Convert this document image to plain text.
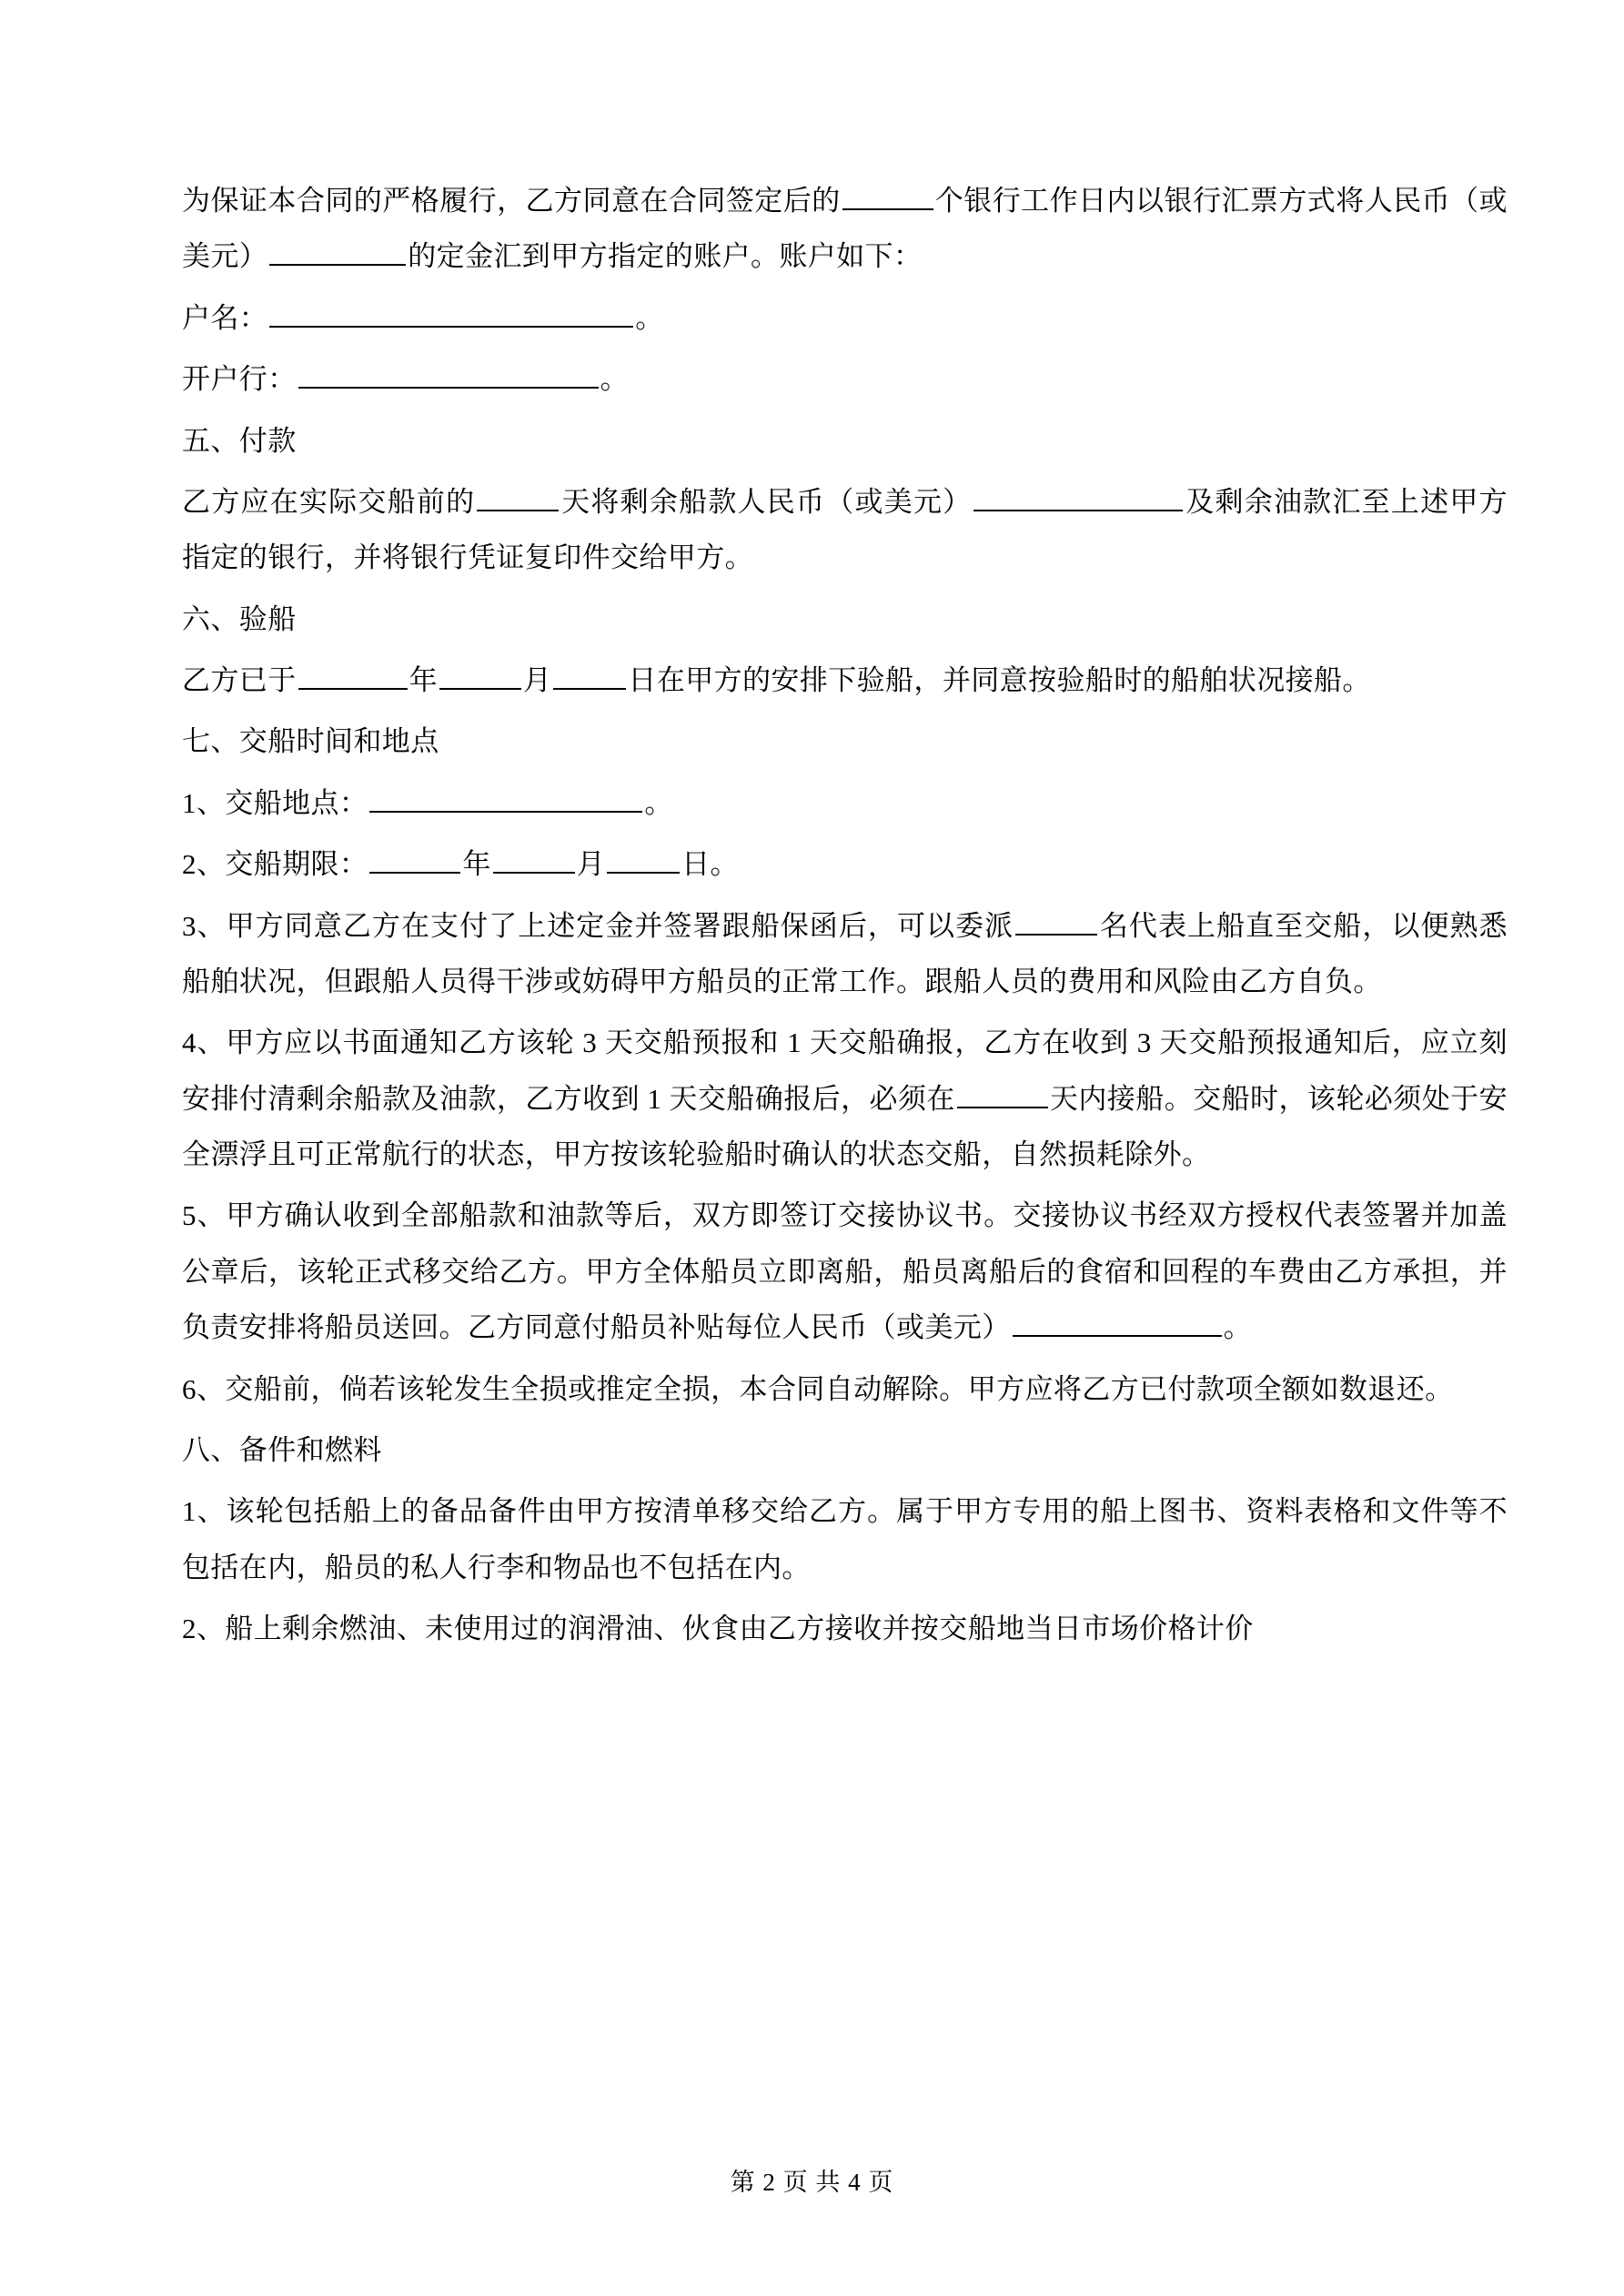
为保证本合同的严格履行，乙方同意在合同签定后的	个银行工作日内以银行汇票方式将人民币（或美元）	的定金汇到甲方指定的账户。账户如下：
户名：	。
开户行：	。
五、付款
乙方应在实际交船前的	天将剩余船款人民币（或美元）	及剩余油款汇至上述甲方指定的银行，并将银行凭证复印件交给甲方。
六、验船
乙方已于	年	月	日在甲方的安排下验船，并同意按验船时的船舶状况接船。
七、交船时间和地点
1、交船地点：	。
2、交船期限：	年	月	日。
3、甲方同意乙方在支付了上述定金并签署跟船保函后，可以委派	名代表上船直至交船，以便熟悉船舶状况，但跟船人员得干涉或妨碍甲方船员的正常工作。跟船人员的费用和风险由乙方自负。
4、甲方应以书面通知乙方该轮 3 天交船预报和 1 天交船确报，乙方在收到 3 天交船预报通知后，应立刻安排付清剩余船款及油款，乙方收到 1 天交船确报后，必须在	天内接船。交船时，该轮必须处于安全漂浮且可正常航行的状态，甲方按该轮验船时确认的状态交船，自然损耗除外。
5、甲方确认收到全部船款和油款等后，双方即签订交接协议书。交接协议书经双方授权代表签署并加盖公章后，该轮正式移交给乙方。甲方全体船员立即离船，船员离船后的食宿和回程的车费由乙方承担，并负责安排将船员送回。乙方同意付船员补贴每位人民币（或美元）	。
6、交船前，倘若该轮发生全损或推定全损，本合同自动解除。甲方应将乙方已付款项全额如数退还。
八、备件和燃料
1、该轮包括船上的备品备件由甲方按清单移交给乙方。属于甲方专用的船上图书、资料表格和文件等不包括在内，船员的私人行李和物品也不包括在内。
2、船上剩余燃油、未使用过的润滑油、伙食由乙方接收并按交船地当日市场价格计价
第 2 页 共 4 页
